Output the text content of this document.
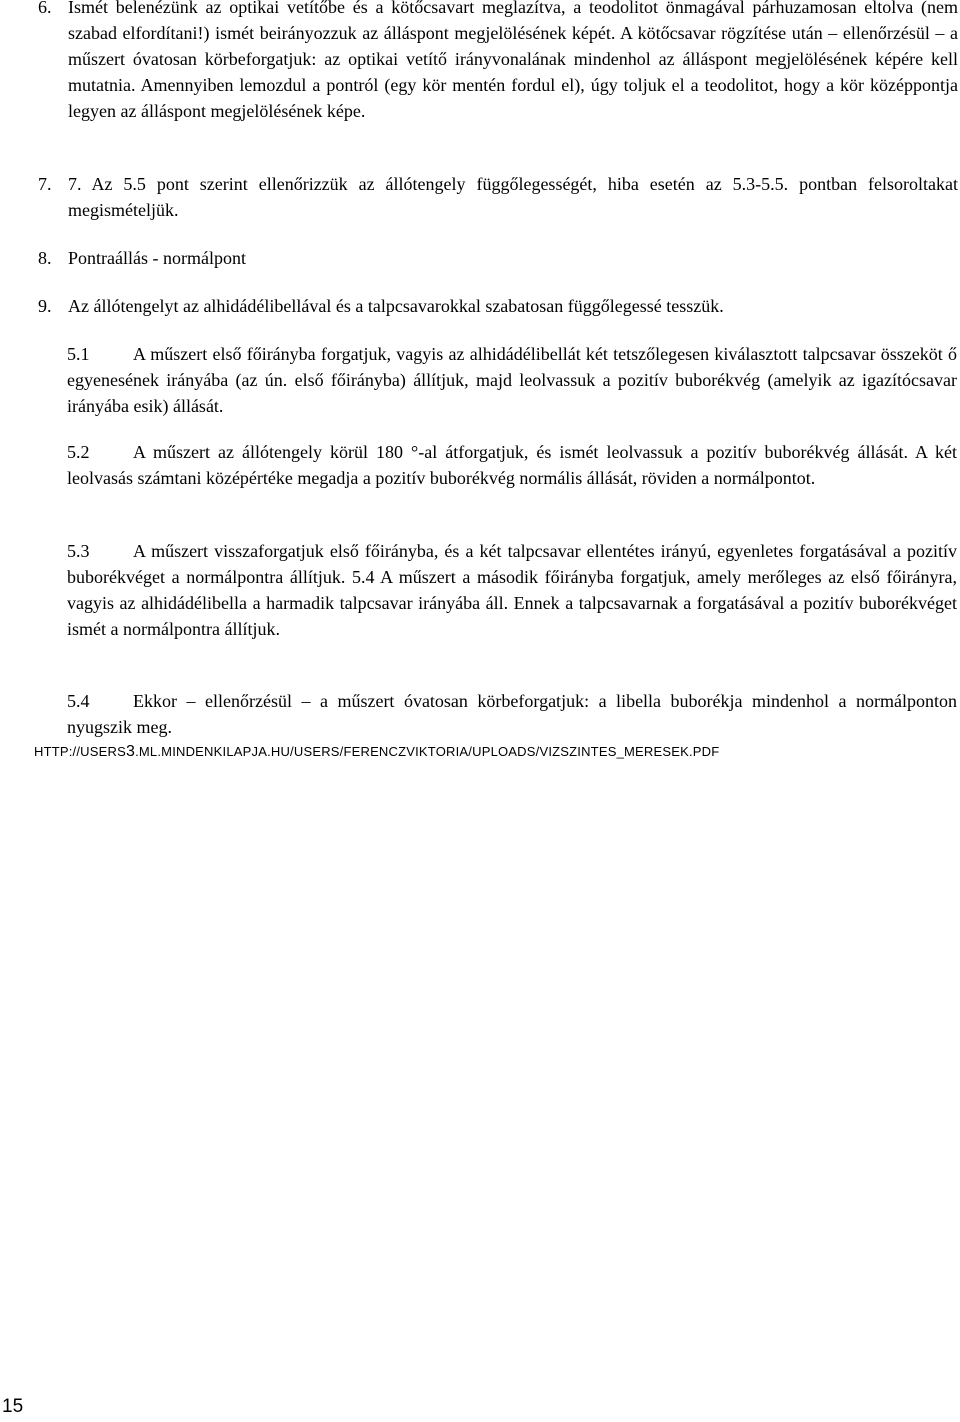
6. Ismét belenézünk az optikai vetítőbe és a kötőcsavart meglazítva, a teodolitot önmagával párhuzamosan eltolva (nem szabad elfordítani!) ismét beirányozzuk az álláspont megjelölésének képét. A kötőcsavar rögzítése után – ellenőrzésül – a műszert óvatosan körbeforgatjuk: az optikai vetítő irányvonalának mindenhol az álláspont megjelölésének képére kell mutatnia. Amennyiben lemozdul a pontról (egy kör mentén fordul el), úgy toljuk el a teodolitot, hogy a kör középpontja legyen az álláspont megjelölésének képe.
7. 7. Az 5.5 pont szerint ellenőrizzük az állótengely függőlegességét, hiba esetén az 5.3-5.5. pontban felsoroltakat megismételjük.
8. Pontraállás - normálpont
9. Az állótengelyt az alhidádélibellával és a talpcsavarokkal szabatosan függőlegessé tesszük.
5.1 A műszert első főirányba forgatjuk, vagyis az alhidádélibellát két tetszőlegesen kiválasztott talpcsavar összeköt ő egyenesének irányába (az ún. első főirányba) állítjuk, majd leolvassuk a pozitív buborékvég (amelyik az igazítócsavar irányába esik) állását.
5.2 A műszert az állótengely körül 180 °-al átforgatjuk, és ismét leolvassuk a pozitív buborékvég állását. A két leolvasás számtani középértéke megadja a pozitív buborékvég normális állását, röviden a normálpontot.
5.3 A műszert visszaforgatjuk első főirányba, és a két talpcsavar ellentétes irányú, egyenletes forgatásával a pozitív buborékvéget a normálpontra állítjuk. 5.4 A műszert a második főirányba forgatjuk, amely merőleges az első főirányra, vagyis az alhidádélibella a harmadik talpcsavar irányába áll. Ennek a talpcsavarnak a forgatásával a pozitív buborékvéget ismét a normálpontra állítjuk.
5.4 Ekkor – ellenőrzésül – a műszert óvatosan körbeforgatjuk: a libella buborékja mindenhol a normálponton nyugszik meg.
HTTP://USERS3.ML.MINDENKILAPJA.HU/USERS/FERENCZVIKTORIA/UPLOADS/VIZSZINTES_MERESEK.PDF
15
